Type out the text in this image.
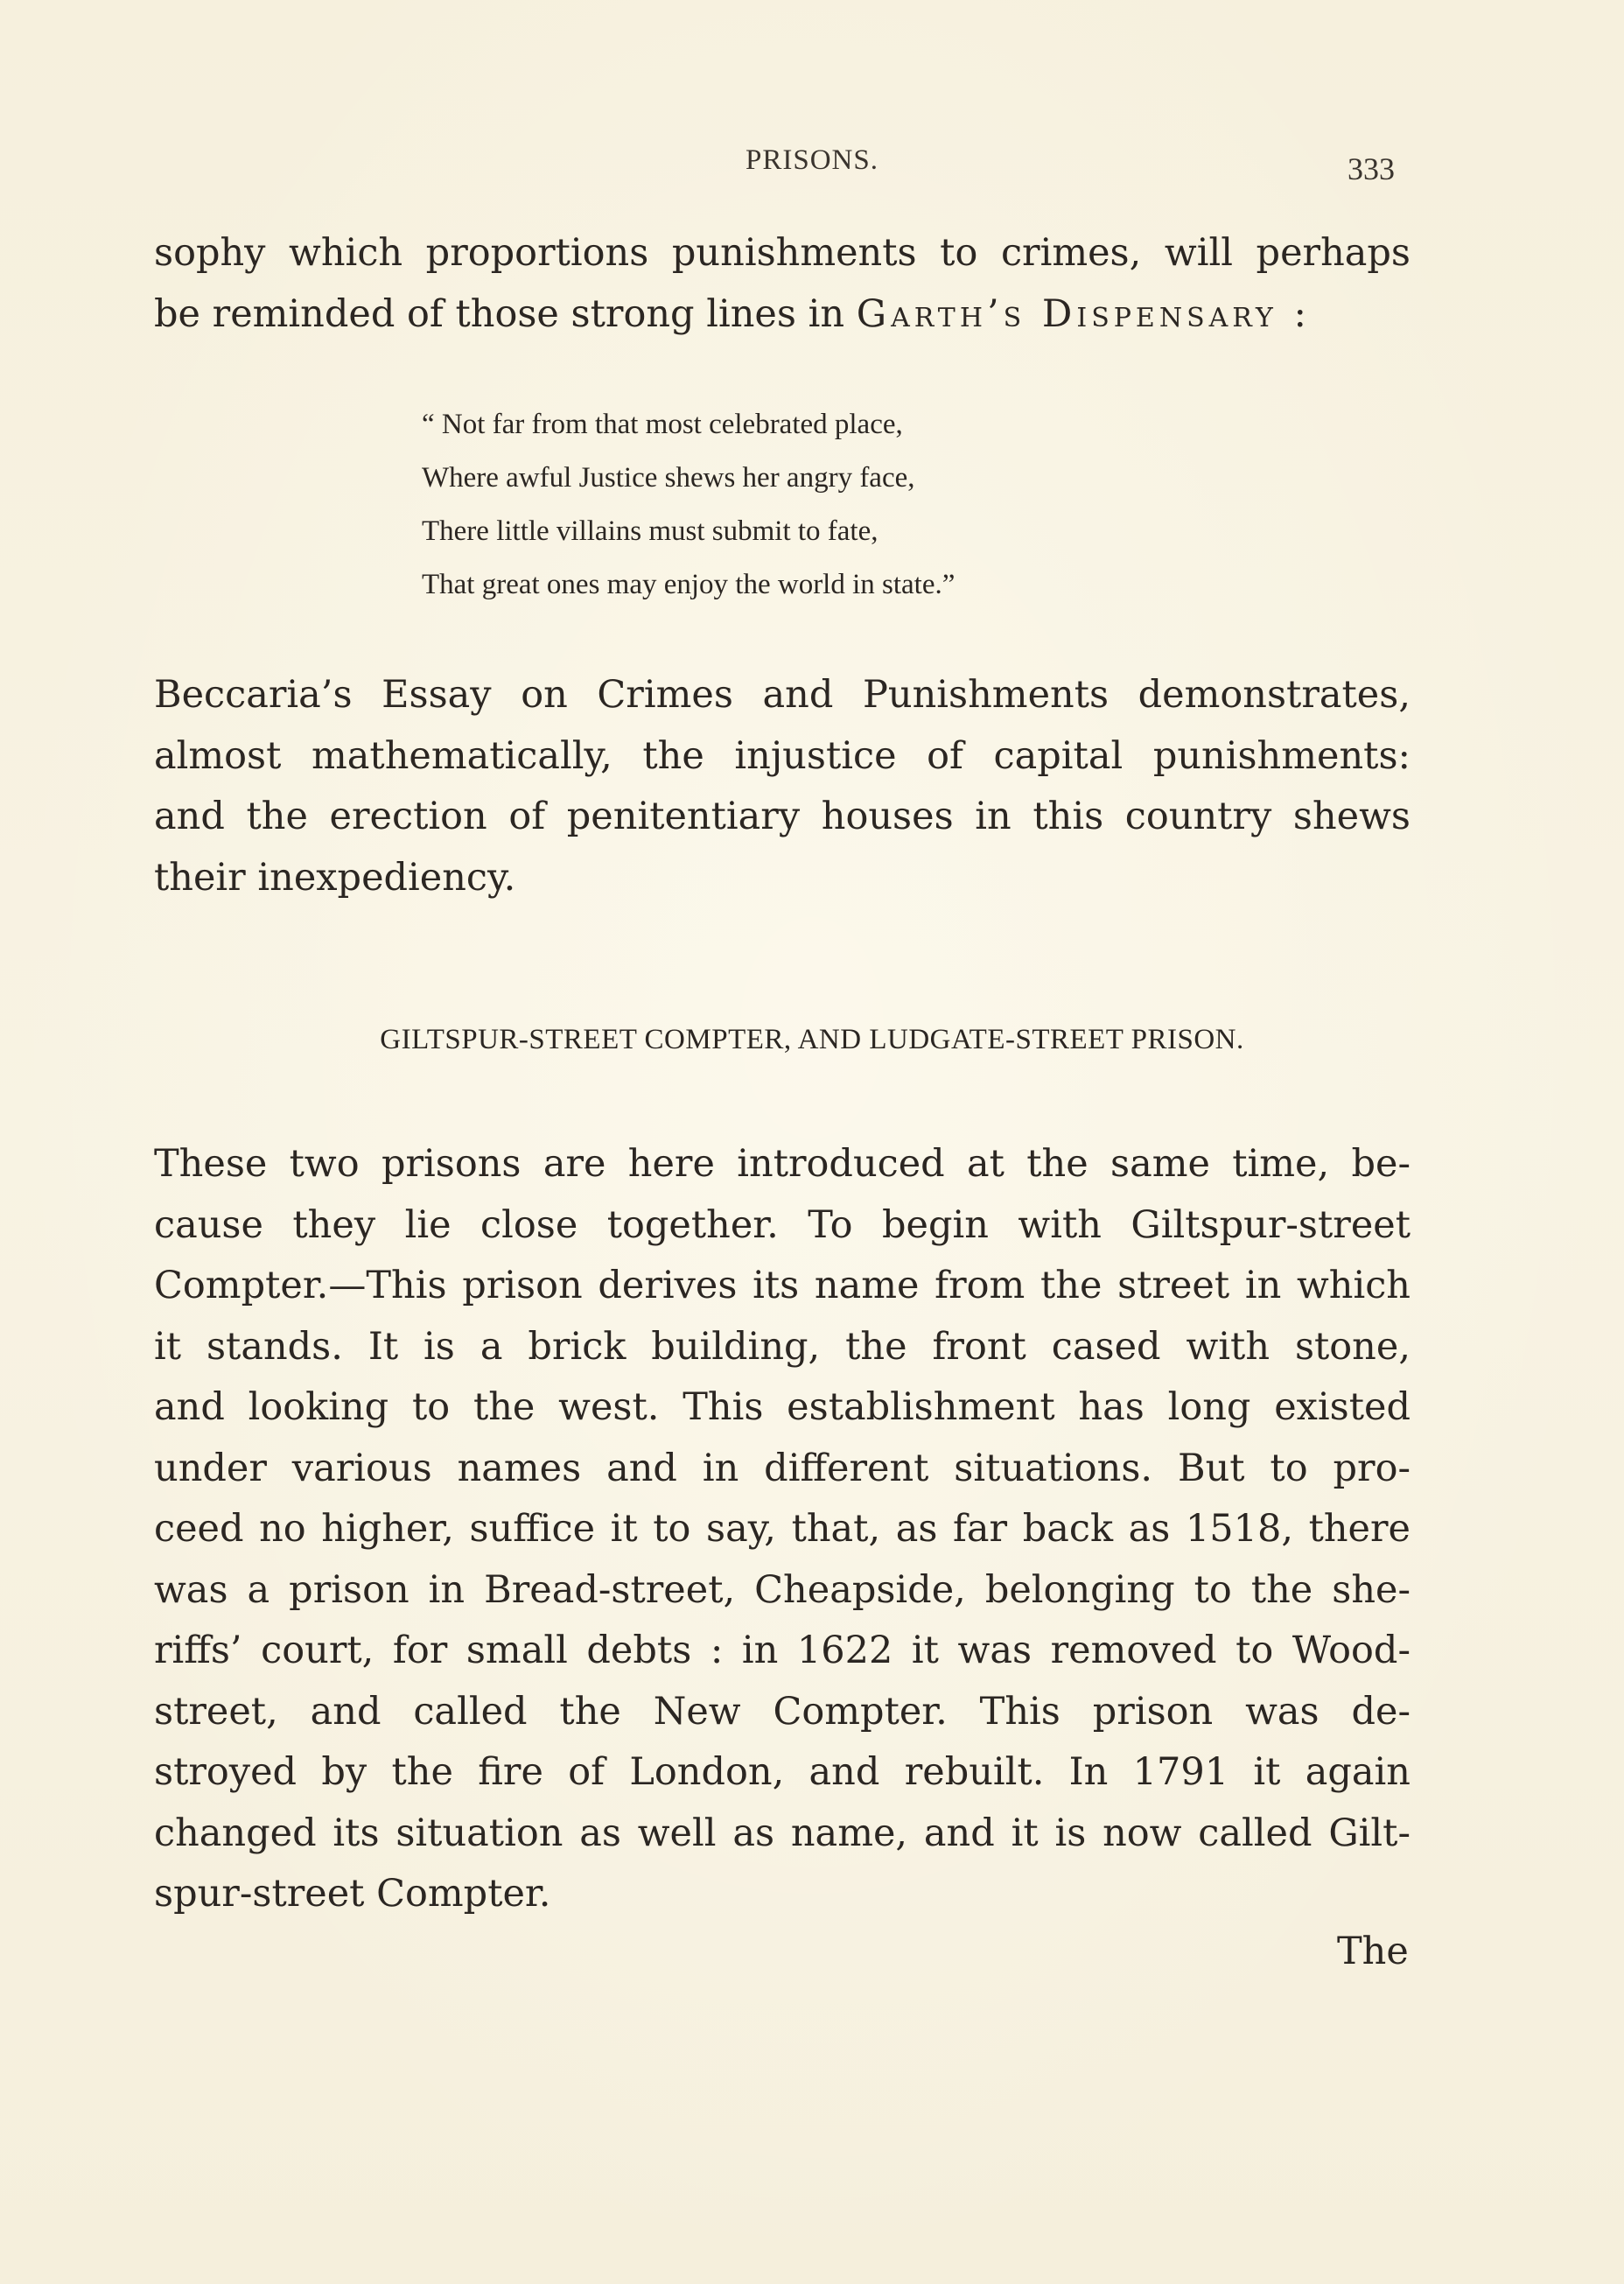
PRISONS.	333
sophy which proportions punishments to crimes, will perhaps
be reminded of those strong lines in Garth’s Dispensary :
“ Not far from that most celebrated place,
Where awful Justice shews her angry face,
There little villains must submit to fate,
That great ones may enjoy the world in state.”
Beccaria’s Essay on Crimes and Punishments demonstrates,
almost mathematically, the injustice of capital punishments:
and the erection of penitentiary houses in this country shews
their inexpediency.
GILTSPUR-STREET COMPTER, AND LUDGATE-STREET PRISON.
These two prisons are here introduced at the same time, be-
cause they lie close together. To begin with Giltspur-street
Compter.—This prison derives its name from the street in which
it stands. It is a brick building, the front cased with stone,
and looking to the west. This establishment has long existed
under various names and in different situations. But to pro-
ceed no higher, suffice it to say, that, as far back as 1518, there
was a prison in Bread-street, Cheapside, belonging to the she-
riffs’ court, for small debts : in 1622 it was removed to Wood-
street, and called the New Compter. This prison was de-
stroyed by the fire of London, and rebuilt. In 1791 it again
changed its situation as well as name, and it is now called Gilt-
spur-street Compter.
The
